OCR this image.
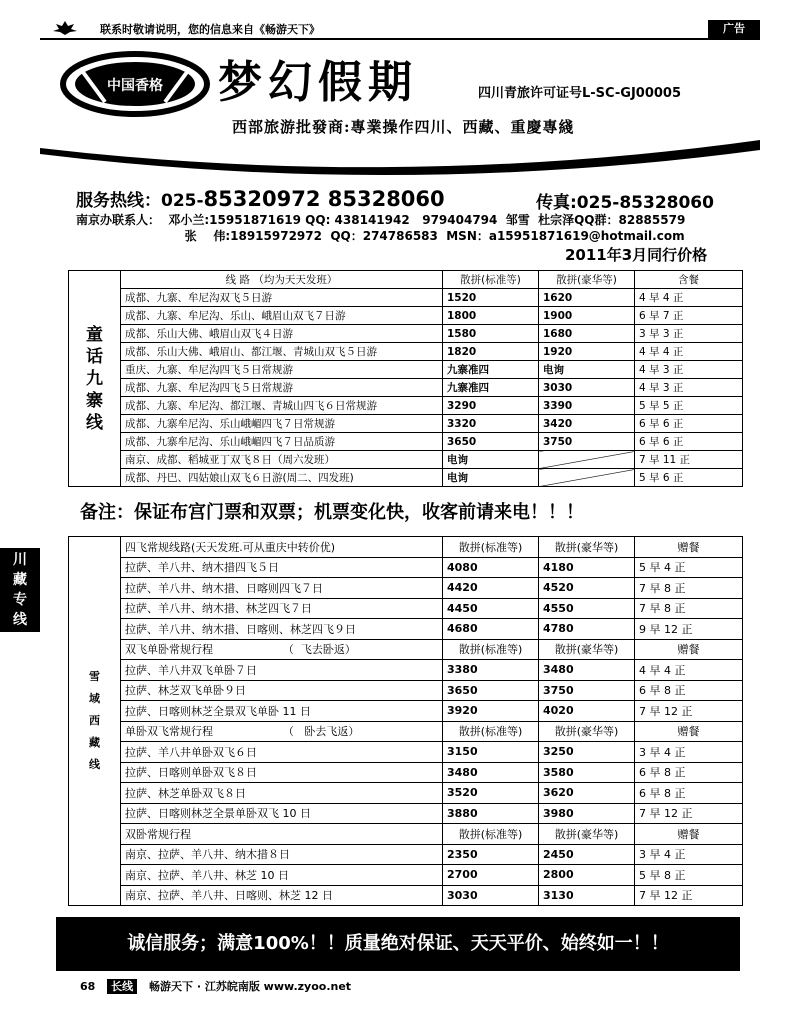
联系时敬请说明，您的信息来自《畅游天下》	广告
中国香格 梦幻假期	四川青旅许可证号L-SC-GJ00005
西部旅游批發商:專業操作四川、西藏、重慶專綫
服务热线：025-85320972 85328060	传真:025-85328060
南京办联系人：  邓小兰:15951871619 QQ: 438141942   979404794  邹雪  杜宗泽QQ群：82885579
张    伟:18915972972  QQ：274786583  MSN：a15951871619@hotmail.com
2011年3月同行价格
童话九寨线	线 路 （均为天天发班）	散拼(标准等)	散拼(豪华等)	含餐
	成都、九寨、牟尼沟双飞５日游	1520	1620	4 早 4 正
	成都、九寨、牟尼沟、乐山、峨眉山双飞７日游	1800	1900	6 早 7 正
	成都、乐山大佛、峨眉山双飞４日游	1580	1680	3 早 3 正
	成都、乐山大佛、峨眉山、都江堰、青城山双飞５日游	1820	1920	4 早 4 正
	重庆、九寨、牟尼沟四飞５日常规游	九寨准四	电询	4 早 3 正
	成都、九寨、牟尼沟四飞５日常规游	九寨准四	3030	4 早 3 正
	成都、九寨、牟尼沟、都江堰、青城山四飞６日常规游	3290	3390	5 早 5 正
	成都、九寨牟尼沟、乐山峨嵋四飞７日常规游	3320	3420	6 早 6 正
	成都、九寨牟尼沟、乐山峨嵋四飞７日品质游	3650	3750	6 早 6 正
	南京、成都、稻城亚丁双飞８日（周六发班）	电询		7 早 11 正
	成都、丹巴、四姑娘山双飞６日游(周二、四发班)	电询		5 早 6 正
备注：保证布宫门票和双票；机票变化快，收客前请来电！！！
川藏专线
雪域西藏线	四飞常规线路(天天发班.可从重庆中转价优)	散拼(标准等)	散拼(豪华等)	赠餐
	拉萨、羊八井、纳木措四飞５日	4080	4180	5 早 4 正
	拉萨、羊八井、纳木措、日喀则四飞７日	4420	4520	7 早 8 正
	拉萨、羊八井、纳木措、林芝四飞７日	4450	4550	7 早 8 正
	拉萨、羊八井、纳木措、日喀则、林芝四飞９日	4680	4780	9 早 12 正
	双飞单卧常规行程                    （  飞去卧返）	散拼(标准等)	散拼(豪华等)	赠餐
	拉萨、羊八井双飞单卧７日	3380	3480	4 早 4 正
	拉萨、林芝双飞单卧９日	3650	3750	6 早 8 正
	拉萨、日喀则林芝全景双飞单卧 11 日	3920	4020	7 早 12 正
	单卧双飞常规行程                    （   卧去飞返）	散拼(标准等)	散拼(豪华等)	赠餐
	拉萨、羊八井单卧双飞６日	3150	3250	3 早 4 正
	拉萨、日喀则单卧双飞８日	3480	3580	6 早 8 正
	拉萨、林芝单卧双飞８日	3520	3620	6 早 8 正
	拉萨、日喀则林芝全景单卧双飞 10 日	3880	3980	7 早 12 正
	双卧常规行程	散拼(标准等)	散拼(豪华等)	赠餐
	南京、拉萨、羊八井、纳木措８日	2350	2450	3 早 4 正
	南京、拉萨、羊八井、林芝 10 日	2700	2800	5 早 8 正
	南京、拉萨、羊八井、日喀则、林芝 12 日	3030	3130	7 早 12 正
诚信服务；满意100%！！质量绝对保证、天天平价、始终如一！！
68 长线 畅游天下 · 江苏皖南版 www.zyoo.net
